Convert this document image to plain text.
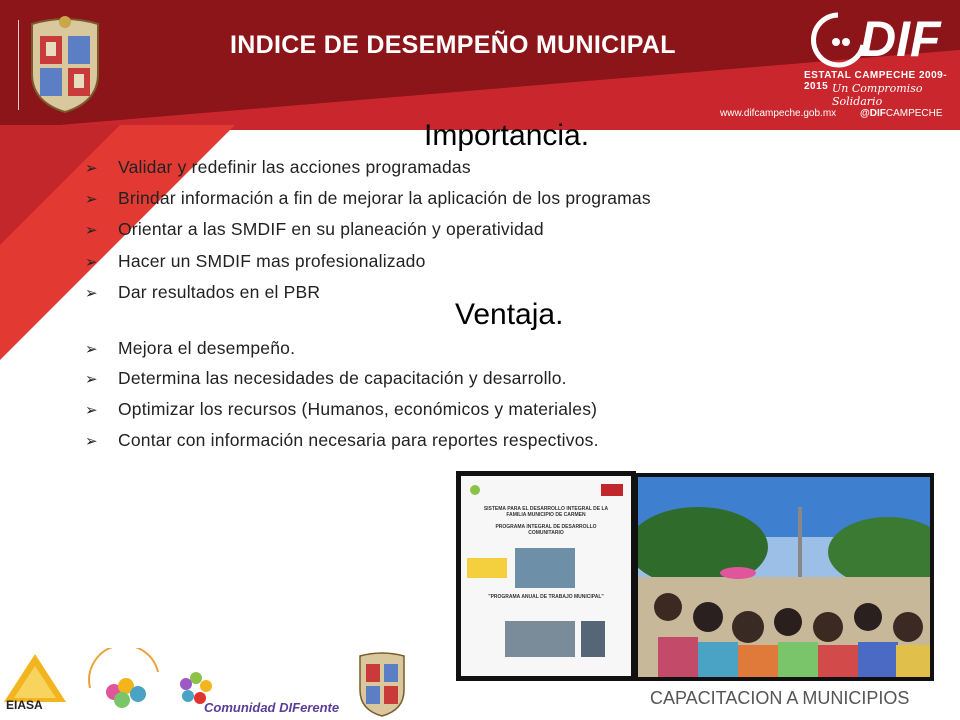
INDICE DE DESEMPEÑO MUNICIPAL	DIF
ESTATAL CAMPECHE 2009-2015 Un Compromiso Solidario
www.difcampeche.gob.mx @DIFCAMPECHE
Importancia.
➢ Validar y redefinir las acciones programadas
➢ Brindar información a fin de mejorar la aplicación de los programas
➢ Orientar a las SMDIF en su planeación y operatividad
➢ Hacer un SMDIF mas profesionalizado
➢ Dar resultados en el PBR
Ventaja.
➢ Mejora el desempeño.
➢ Determina las necesidades de capacitación y desarrollo.
➢ Optimizar los recursos (Humanos, económicos y materiales)
➢ Contar con información necesaria para reportes respectivos.
SISTEMA PARA EL DESARROLLO INTEGRAL DE LA FAMILIA MUNICIPIO DE CARMEN
PROGRAMA INTEGRAL DE DESARROLLO COMUNITARIO
"PROGRAMA ANUAL DE TRABAJO MUNICIPAL"
EIASA	Comunidad DIFerente	CAPACITACION A MUNICIPIOS
